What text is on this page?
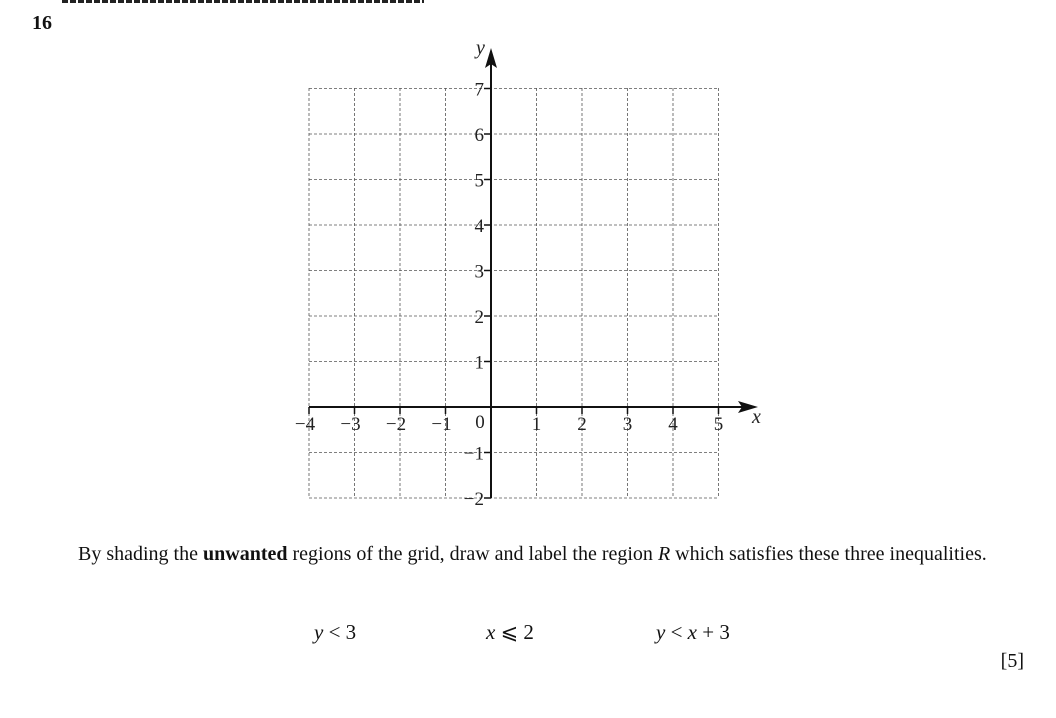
16
−4 −3 −2 −1	1 2 3 4 5
7
6
5
4
3
2
1
−1
−2
0	x
y
By shading the unwanted regions of the grid, draw and label the region R which satisfies these three inequalities.
y < 3	x ⩽ 2	y < x + 3
[5]
